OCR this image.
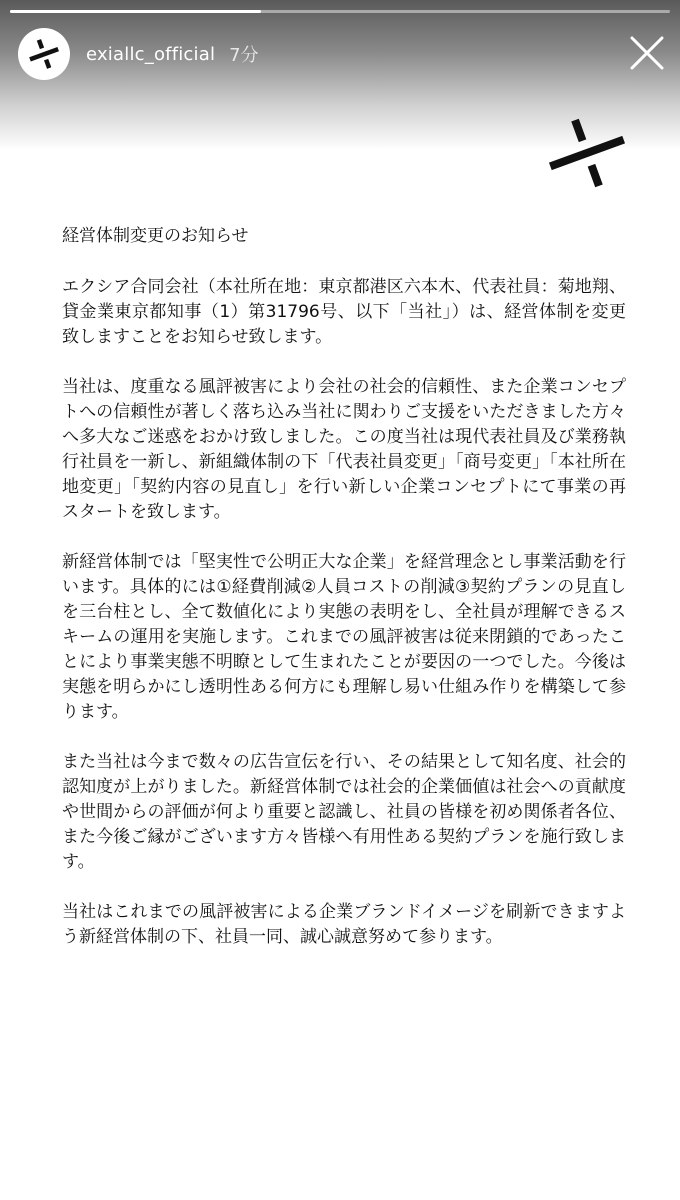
exiallc_official 7分
経営体制変更のお知らせ

エクシア合同会社（本社所在地：東京都港区六本木、代表社員：菊地翔、貸金業東京都知事（1）第31796号、以下「当社」）は、経営体制を変更致しますことをお知らせ致します。

当社は、度重なる風評被害により会社の社会的信頼性、また企業コンセプトへの信頼性が著しく落ち込み当社に関わりご支援をいただきました方々へ多大なご迷惑をおかけ致しました。この度当社は現代表社員及び業務執行社員を一新し、新組織体制の下「代表社員変更」「商号変更」「本社所在地変更」「契約内容の見直し」を行い新しい企業コンセプトにて事業の再スタートを致します。

新経営体制では「堅実性で公明正大な企業」を経営理念とし事業活動を行います。具体的には①経費削減②人員コストの削減③契約プランの見直しを三台柱とし、全て数値化により実態の表明をし、全社員が理解できるスキームの運用を実施します。これまでの風評被害は従来閉鎖的であったことにより事業実態不明瞭として生まれたことが要因の一つでした。今後は実態を明らかにし透明性ある何方にも理解し易い仕組み作りを構築して参ります。

また当社は今まで数々の広告宣伝を行い、その結果として知名度、社会的認知度が上がりました。新経営体制では社会的企業価値は社会への貢献度や世間からの評価が何より重要と認識し、社員の皆様を初め関係者各位、また今後ご縁がございます方々皆様へ有用性ある契約プランを施行致します。

当社はこれまでの風評被害による企業ブランドイメージを刷新できますよう新経営体制の下、社員一同、誠心誠意努めて参ります。
